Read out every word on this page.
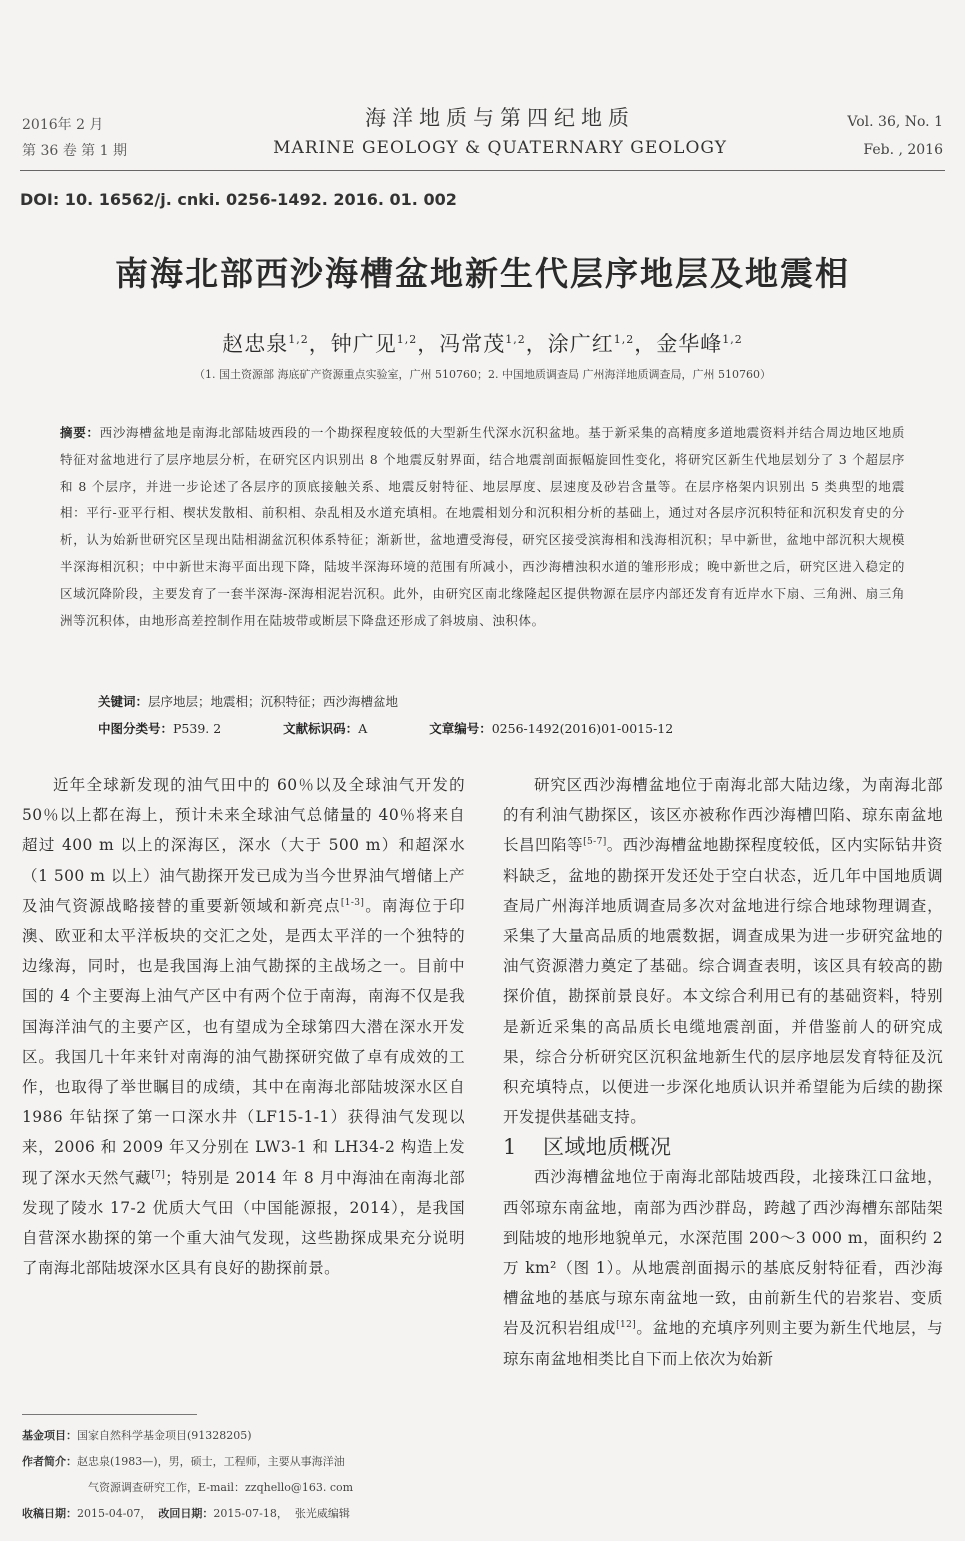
2016年 2 月
第 36 卷 第 1 期
海洋地质与第四纪地质
MARINE GEOLOGY & QUATERNARY GEOLOGY
Vol. 36, No. 1
Feb. , 2016
DOI: 10. 16562/j. cnki. 0256-1492. 2016. 01. 002
南海北部西沙海槽盆地新生代层序地层及地震相
赵忠泉$^{1,2}$，钟广见$^{1,2}$，冯常茂$^{1,2}$，涂广红$^{1,2}$，金华峰$^{1,2}$
（1. 国土资源部 海底矿产资源重点实验室，广州 510760；2. 中国地质调查局 广州海洋地质调查局，广州 510760）
摘要：西沙海槽盆地是南海北部陆坡西段的一个勘探程度较低的大型新生代深水沉积盆地。基于新采集的高精度多道地震资料并结合周边地区地质特征对盆地进行了层序地层分析，在研究区内识别出 8 个地震反射界面，结合地震剖面振幅旋回性变化，将研究区新生代地层划分了 3 个超层序和 8 个层序，并进一步论述了各层序的顶底接触关系、地震反射特征、地层厚度、层速度及砂岩含量等。在层序格架内识别出 5 类典型的地震相：平行-亚平行相、楔状发散相、前积相、杂乱相及水道充填相。在地震相划分和沉积相分析的基础上，通过对各层序沉积特征和沉积发育史的分析，认为始新世研究区呈现出陆相湖盆沉积体系特征；渐新世，盆地遭受海侵，研究区接受滨海相和浅海相沉积；早中新世，盆地中部沉积大规模半深海相沉积；中中新世末海平面出现下降，陆坡半深海环境的范围有所减小，西沙海槽浊积水道的雏形形成；晚中新世之后，研究区进入稳定的区域沉降阶段，主要发育了一套半深海-深海相泥岩沉积。此外，由研究区南北缘隆起区提供物源在层序内部还发育有近岸水下扇、三角洲、扇三角洲等沉积体，由地形高差控制作用在陆坡带或断层下降盘还形成了斜坡扇、浊积体。
关键词：层序地层；地震相；沉积特征；西沙海槽盆地
中图分类号：P539. 2	文献标识码：A	文章编号：0256-1492(2016)01-0015-12

近年全球新发现的油气田中的 60％以及全球油气开发的 50％以上都在海上，预计未来全球油气总储量的 40％将来自超过 400 m 以上的深海区，深水（大于 500 m）和超深水（1 500 m 以上）油气勘探开发已成为当今世界油气增储上产及油气资源战略接替的重要新领域和新亮点[1-3]。南海位于印澳、欧亚和太平洋板块的交汇之处，是西太平洋的一个独特的边缘海，同时，也是我国海上油气勘探的主战场之一。目前中国的 4 个主要海上油气产区中有两个位于南海，南海不仅是我国海洋油气的主要产区，也有望成为全球第四大潜在深水开发区。我国几十年来针对南海的油气勘探研究做了卓有成效的工作，也取得了举世瞩目的成绩，其中在南海北部陆坡深水区自 1986 年钻探了第一口深水井（LF15-1-1）获得油气发现以来，2006 和 2009 年又分别在 LW3-1 和 LH34-2 构造上发现了深水天然气藏[7]；特别是 2014 年 8 月中海油在南海北部发现了陵水 17-2 优质大气田（中国能源报，2014），是我国自营深水勘探的第一个重大油气发现，这些勘探成果充分说明了南海北部陆坡深水区具有良好的勘探前景。

研究区西沙海槽盆地位于南海北部大陆边缘，为南海北部的有利油气勘探区，该区亦被称作西沙海槽凹陷、琼东南盆地长昌凹陷等[5-7]。西沙海槽盆地勘探程度较低，区内实际钻井资料缺乏，盆地的勘探开发还处于空白状态，近几年中国地质调查局广州海洋地质调查局多次对盆地进行综合地球物理调查，采集了大量高品质的地震数据，调查成果为进一步研究盆地的油气资源潜力奠定了基础。综合调查表明，该区具有较高的勘探价值，勘探前景良好。本文综合利用已有的基础资料，特别是新近采集的高品质长电缆地震剖面，并借鉴前人的研究成果，综合分析研究区沉积盆地新生代的层序地层发育特征及沉积充填特点，以便进一步深化地质认识并希望能为后续的勘探开发提供基础支持。

1 区域地质概况

西沙海槽盆地位于南海北部陆坡西段，北接珠江口盆地，西邻琼东南盆地，南部为西沙群岛，跨越了西沙海槽东部陆架到陆坡的地形地貌单元，水深范围 200～3 000 m，面积约 2 万 km²（图 1）。从地震剖面揭示的基底反射特征看，西沙海槽盆地的基底与琼东南盆地一致，由前新生代的岩浆岩、变质岩及沉积岩组成[12]。盆地的充填序列则主要为新生代地层，与琼东南盆地相类比自下而上依次为始新

基金项目：国家自然科学基金项目(91328205)
作者简介：赵忠泉(1983—)，男，硕士，工程师，主要从事海洋油
气资源调查研究工作，E-mail：zzqhello@163. com
收稿日期：2015-04-07， 改回日期：2015-07-18， 张光威编辑
